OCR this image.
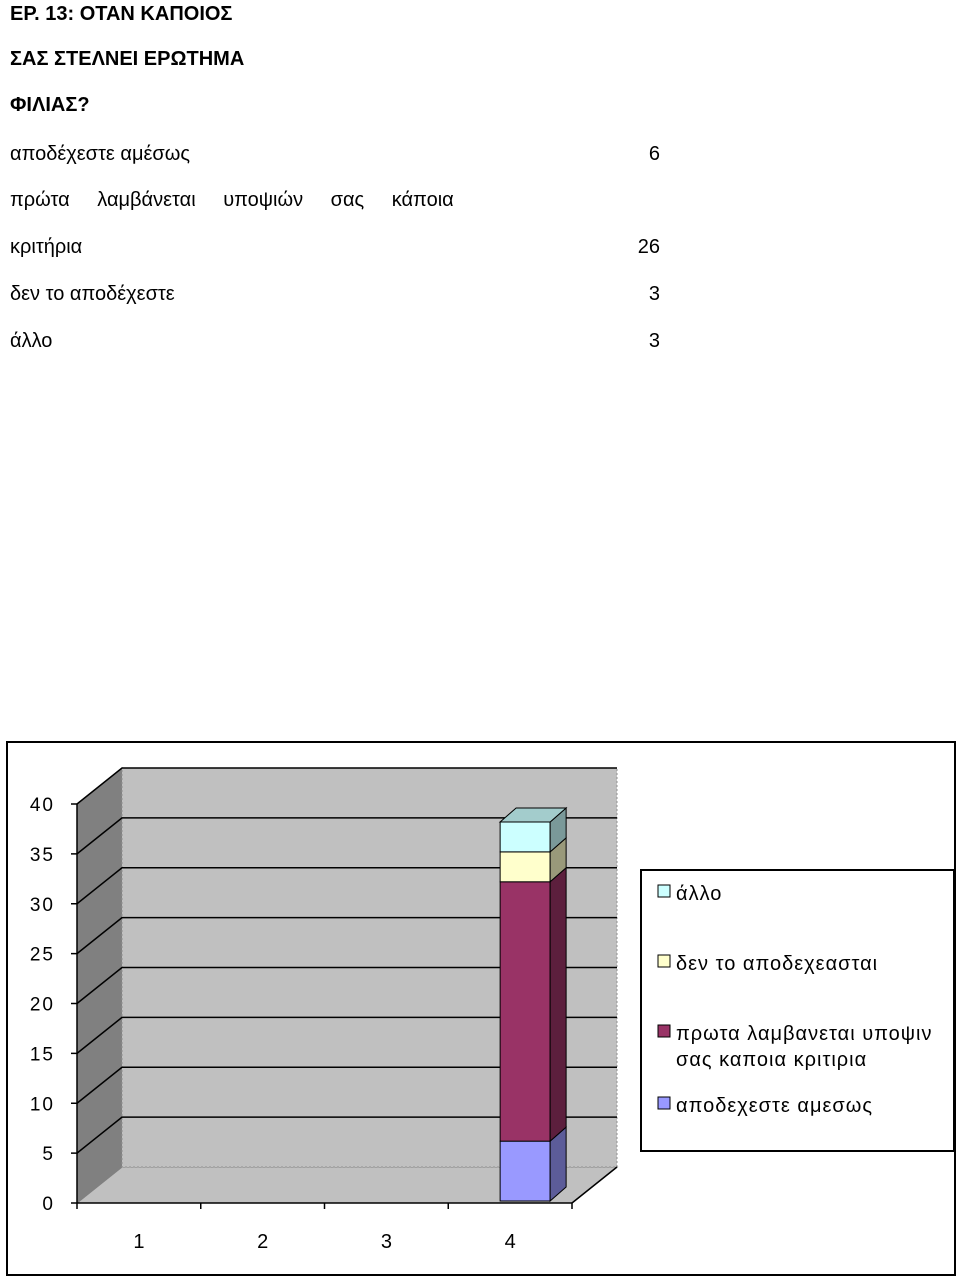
ΕΡ. 13: ΟΤΑΝ ΚΑΠΟΙΟΣ
ΣΑΣ ΣΤΕΛΝΕΙ ΕΡΩΤΗΜΑ
ΦΙΛΙΑΣ?
αποδέχεστε αμέσως	6
πρώτα λαμβάνεται υποψιών σας κάποια
κριτήρια	26
δεν το αποδέχεστε	3
άλλο	3
0
5
10
15
20
25
30
35
40
1	2	3	4
άλλο
δεν το αποδεχεασται
πρωτα λαμβανεται υποψιν
σας καποια κριτιρια
αποδεχεστε αμεσως
